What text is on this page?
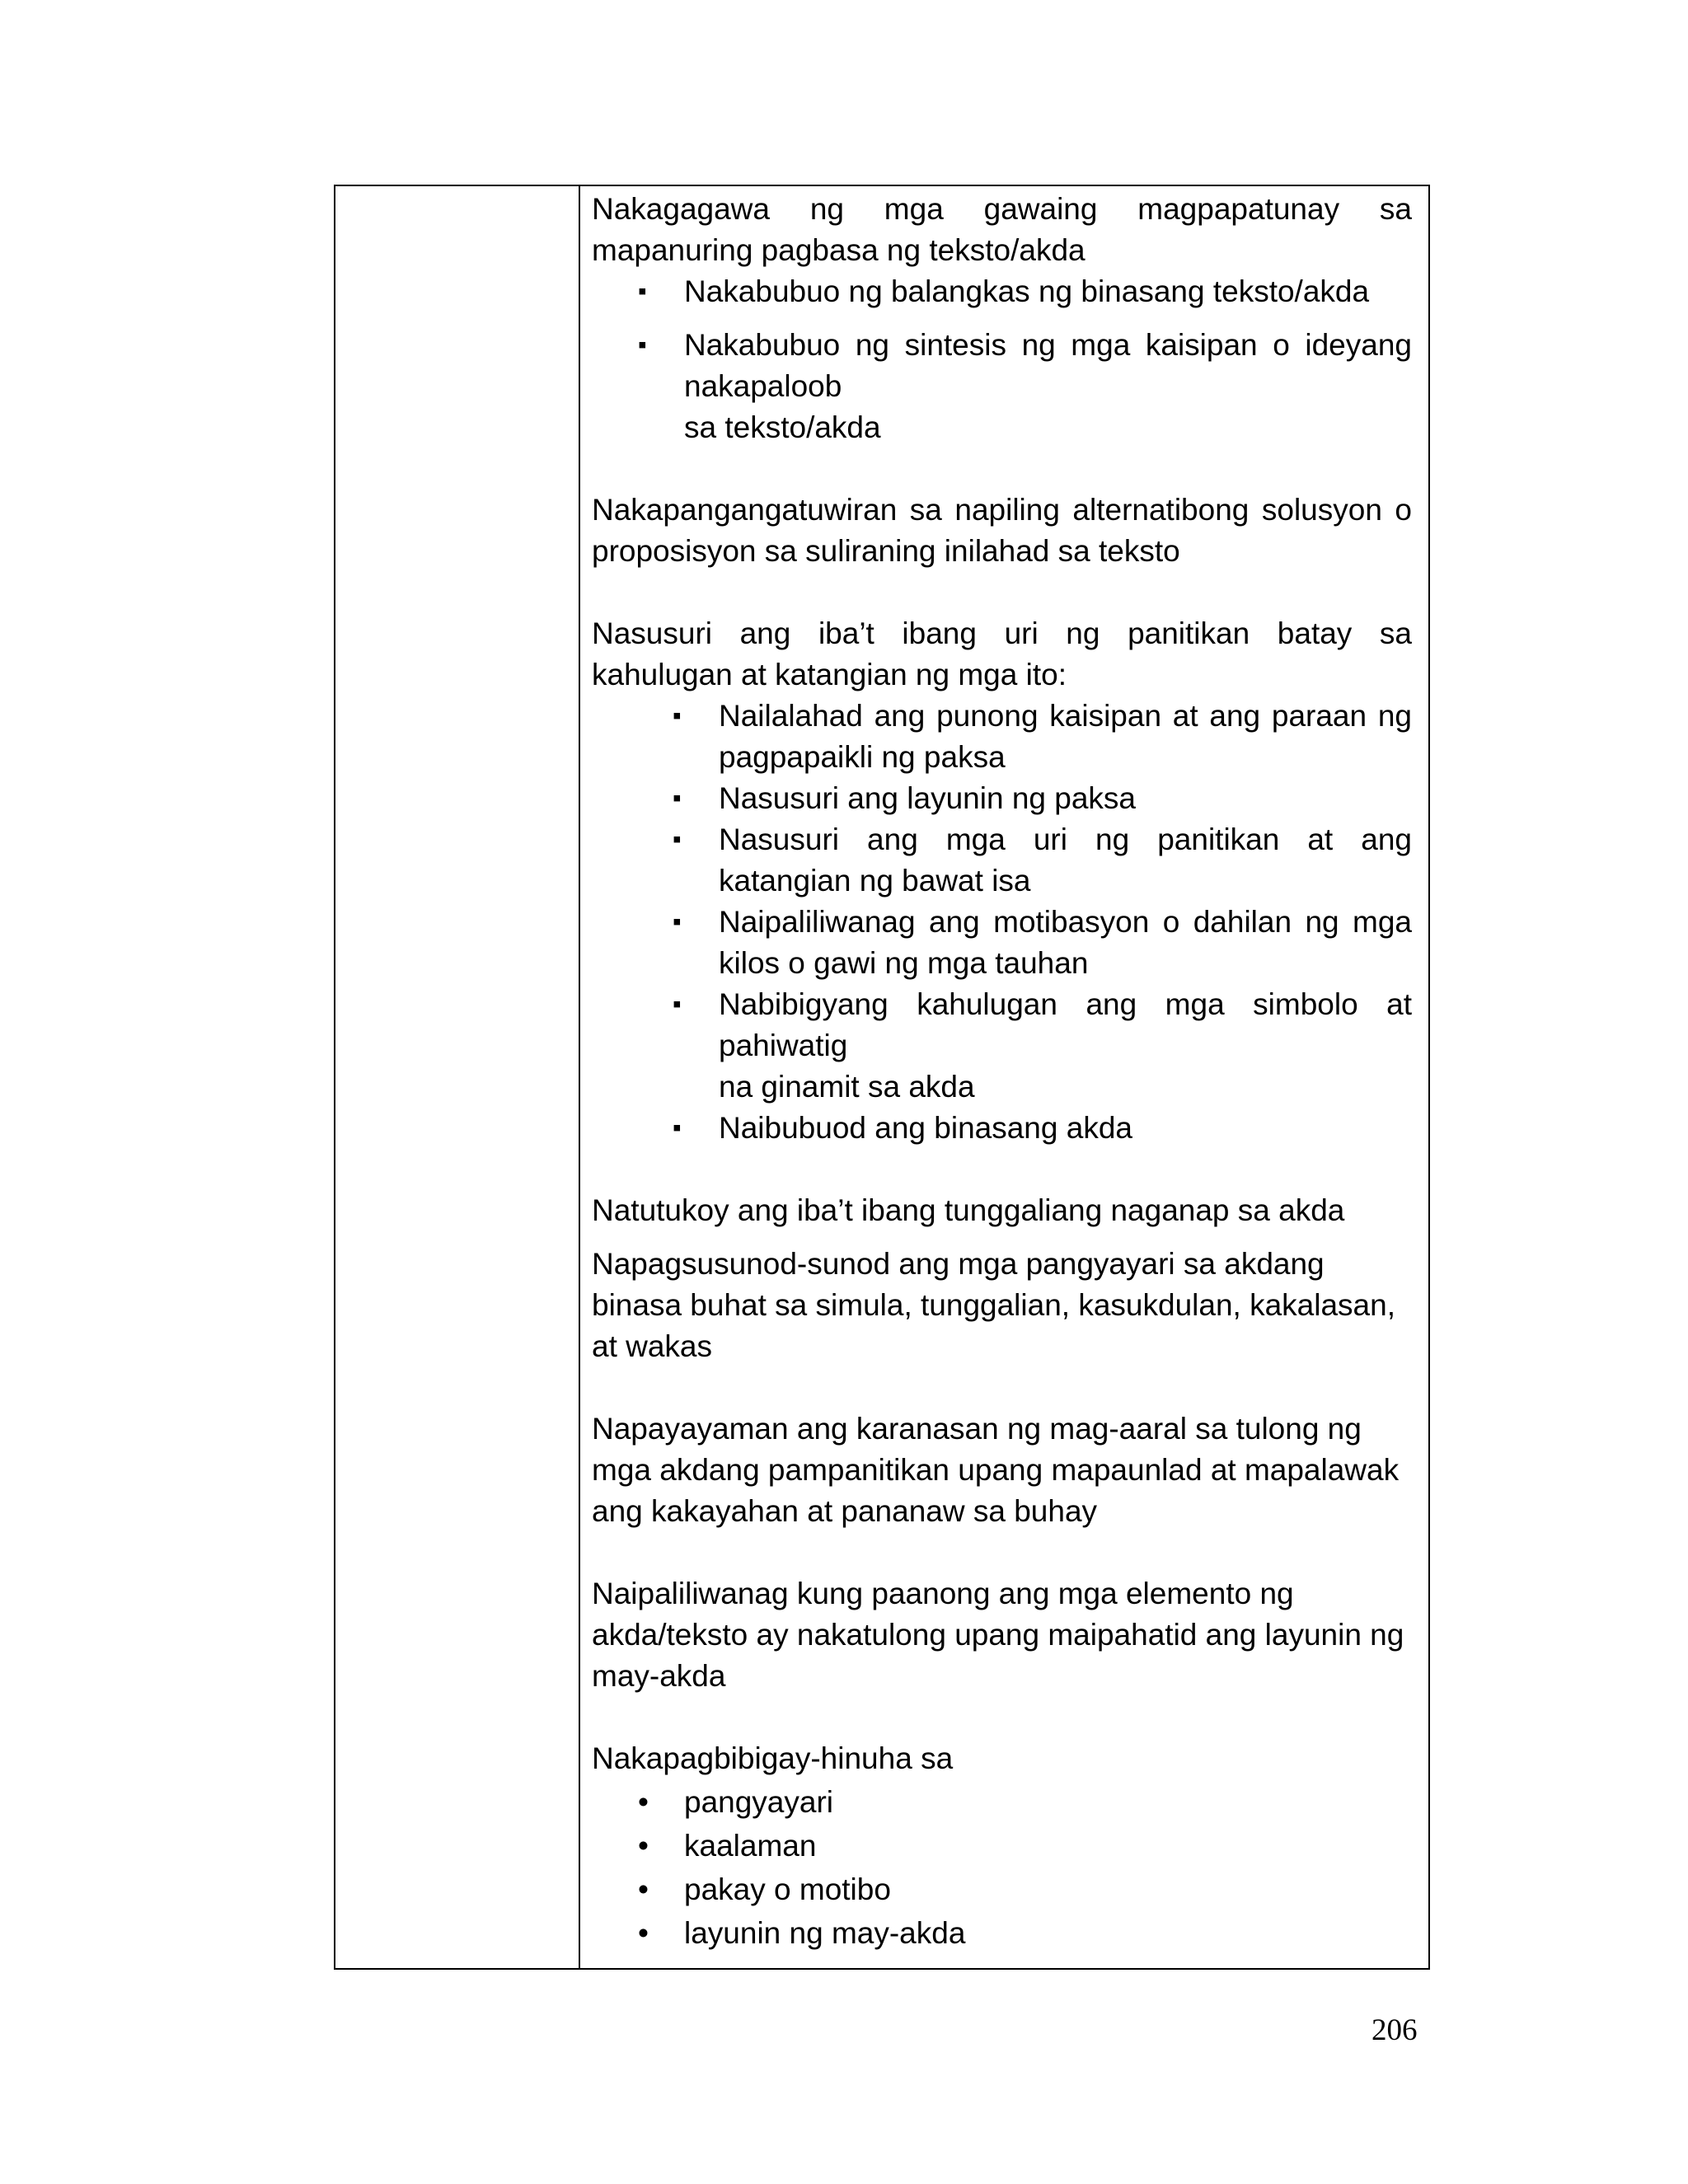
Nakagagawa ng mga gawaing magpapatunay sa

mapanuring pagbasa ng teksto/akda

▪ Nakabubuo ng balangkas ng binasang teksto/akda

▪ Nakabubuo ng sintesis ng mga kaisipan o ideyang

nakapaloob

sa teksto/akda

Nakapangangatuwiran sa napiling alternatibong solusyon o

proposisyon sa suliraning inilahad sa teksto

Nasusuri ang iba’t ibang uri ng panitikan batay sa

kahulugan at katangian ng mga ito:

▪ Nailalahad ang punong kaisipan at ang paraan ng

pagpapaikli ng paksa

▪ Nasusuri ang layunin ng paksa

▪ Nasusuri ang mga uri ng panitikan at ang

katangian ng bawat isa

▪ Naipaliliwanag ang motibasyon o dahilan ng mga

kilos o gawi ng mga tauhan

▪ Nabibigyang kahulugan ang mga simbolo at

pahiwatig

na ginamit sa akda

▪ Naibubuod ang binasang akda

Natutukoy ang iba’t ibang tunggaliang naganap sa akda

Napagsusunod-sunod ang mga pangyayari sa akdang

binasa buhat sa simula, tunggalian, kasukdulan, kakalasan,

at wakas

Napayayaman ang karanasan ng mag-aaral sa tulong ng

mga akdang pampanitikan upang mapaunlad at mapalawak

ang kakayahan at pananaw sa buhay

Naipaliliwanag kung paanong ang mga elemento ng

akda/teksto ay nakatulong upang maipahatid ang layunin ng

may-akda

Nakapagbibigay-hinuha sa

• pangyayari

• kaalaman

• pakay o motibo

• layunin ng may-akda

206
